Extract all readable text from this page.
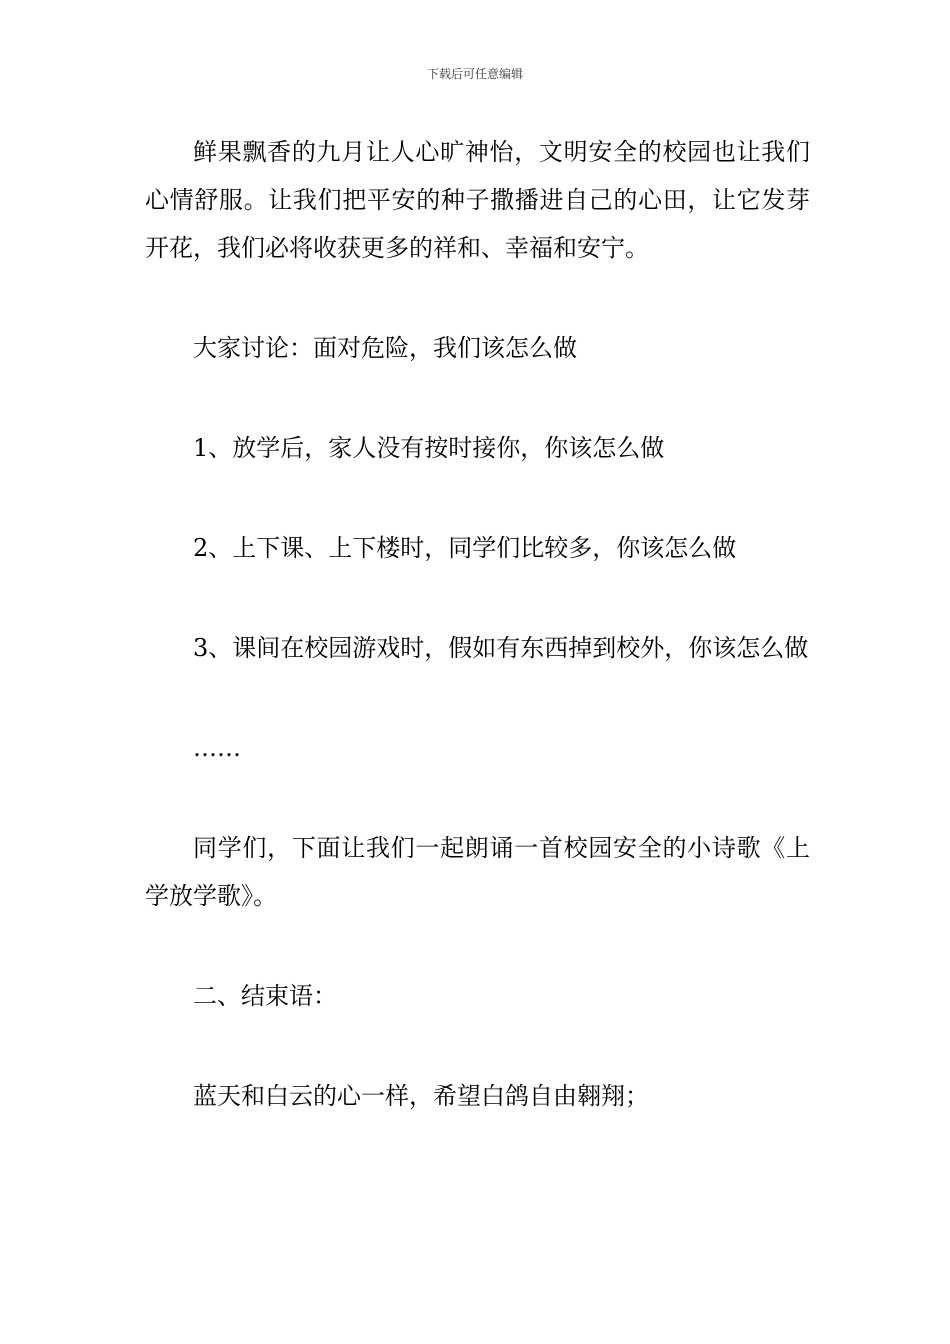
下载后可任意编辑

鲜果飘香的九月让人心旷神怡，文明安全的校园也让我们心情舒服。让我们把平安的种子撒播进自己的心田，让它发芽开花，我们必将收获更多的祥和、幸福和安宁。

大家讨论：面对危险，我们该怎么做

1、放学后，家人没有按时接你，你该怎么做

2、上下课、上下楼时，同学们比较多，你该怎么做

3、课间在校园游戏时，假如有东西掉到校外，你该怎么做

……

同学们，下面让我们一起朗诵一首校园安全的小诗歌《上学放学歌》。

二、结束语：

蓝天和白云的心一样，希望白鸽自由翱翔；
